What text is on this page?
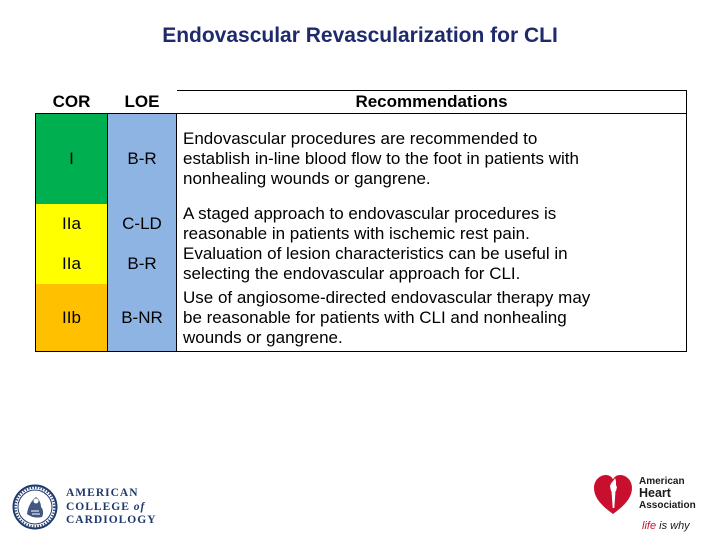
Endovascular Revascularization for CLI
COR	LOE	Recommendations
I	B-R	Endovascular procedures are recommended to
establish in-line blood flow to the foot in patients with
nonhealing wounds or gangrene.

IIa	C-LD	A staged approach to endovascular procedures is
reasonable in patients with ischemic rest pain.

IIa	B-R	Evaluation of lesion characteristics can be useful in
selecting the endovascular approach for CLI.

IIb	B-NR	Use of angiosome-directed endovascular therapy may
be reasonable for patients with CLI and nonhealing
wounds or gangrene.
AMERICAN
COLLEGE of
CARDIOLOGY
American
Heart
Association
life is why
